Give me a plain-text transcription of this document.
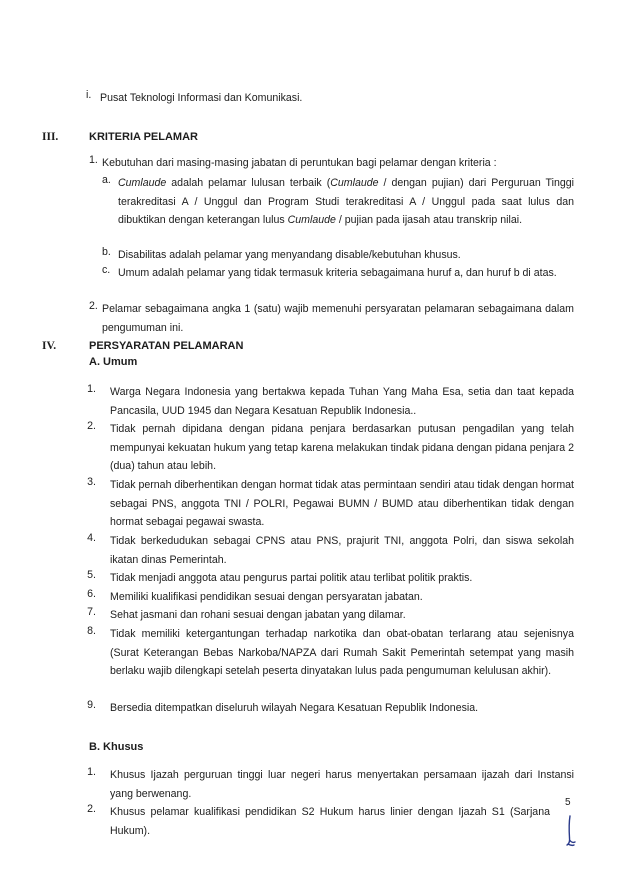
i. Pusat Teknologi Informasi dan Komunikasi.
III.	KRITERIA PELAMAR
1. Kebutuhan dari masing-masing jabatan di peruntukan bagi pelamar dengan kriteria :
a. Cumlaude adalah pelamar lulusan terbaik (Cumlaude / dengan pujian) dari Perguruan Tinggi terakreditasi A / Unggul dan Program Studi terakreditasi A / Unggul pada saat lulus dan dibuktikan dengan keterangan lulus Cumlaude / pujian pada ijasah atau transkrip nilai.
b. Disabilitas adalah pelamar yang menyandang disable/kebutuhan khusus.
c. Umum adalah pelamar yang tidak termasuk kriteria sebagaimana huruf a, dan huruf b di atas.
2. Pelamar sebagaimana angka 1 (satu) wajib memenuhi persyaratan pelamaran sebagaimana dalam pengumuman ini.
IV.	PERSYARATAN PELAMARAN
A. Umum
1. Warga Negara Indonesia yang bertakwa kepada Tuhan Yang Maha Esa, setia dan taat kepada Pancasila, UUD 1945 dan Negara Kesatuan Republik Indonesia..
2. Tidak pernah dipidana dengan pidana penjara berdasarkan putusan pengadilan yang telah mempunyai kekuatan hukum yang tetap karena melakukan tindak pidana dengan pidana penjara 2 (dua) tahun atau lebih.
3. Tidak pernah diberhentikan dengan hormat tidak atas permintaan sendiri atau tidak dengan hormat sebagai PNS, anggota TNI / POLRI, Pegawai BUMN / BUMD atau diberhentikan tidak dengan hormat sebagai pegawai swasta.
4. Tidak berkedudukan sebagai CPNS atau PNS, prajurit TNI, anggota Polri, dan siswa sekolah ikatan dinas Pemerintah.
5. Tidak menjadi anggota atau pengurus partai politik atau terlibat politik praktis.
6. Memiliki kualifikasi pendidikan sesuai dengan persyaratan jabatan.
7. Sehat jasmani dan rohani sesuai dengan jabatan yang dilamar.
8. Tidak memiliki ketergantungan terhadap narkotika dan obat-obatan terlarang atau sejenisnya (Surat Keterangan Bebas Narkoba/NAPZA dari Rumah Sakit Pemerintah setempat yang masih berlaku wajib dilengkapi setelah peserta dinyatakan lulus pada pengumuman kelulusan akhir).
9. Bersedia ditempatkan diseluruh wilayah Negara Kesatuan Republik Indonesia.
B. Khusus
1. Khusus Ijazah perguruan tinggi luar negeri harus menyertakan persamaan ijazah dari Instansi yang berwenang.
2. Khusus pelamar kualifikasi pendidikan S2 Hukum harus linier dengan Ijazah S1 (Sarjana Hukum).
5
